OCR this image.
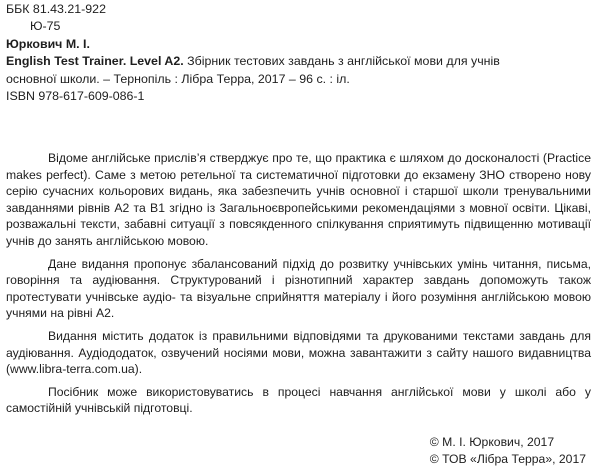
ББК 81.43.21-922
Ю-75
Юркович М. І.
English Test Trainer. Level A2. Збірник тестових завдань з англійської мови для учнів
основної школи. – Тернопіль : Лібра Терра, 2017 – 96 с. : іл.
ISBN 978-617-609-086-1

Відоме англійське прислів’я стверджує про те, що практика є шляхом до досконалості (Practice makes perfect). Саме з метою ретельної та систематичної підготовки до екзамену ЗНО створено нову серію сучасних кольорових видань, яка забезпечить учнів основної і старшої школи тренувальними завданнями рівнів А2 та В1 згідно із Загальноєвропейськими рекомендаціями з мовної освіти. Цікаві, розважальні тексти, забавні ситуації з повсякденного спілкування сприятимуть підвищенню мотивації учнів до занять англійською мовою.

Дане видання пропонує збалансований підхід до розвитку учнівських умінь читання, письма, говоріння та аудіювання. Структурований і різнотипний характер завдань допоможуть також протестувати учнівське аудіо- та візуальне сприйняття матеріалу і його розуміння англійською мовою учнями на рівні А2.

Видання містить додаток із правильними відповідями та друкованими текстами завдань для аудіювання. Аудіододаток, озвучений носіями мови, можна завантажити з сайту нашого видавництва (www.libra-terra.com.ua).

Посібник може використовуватись в процесі навчання англійської мови у школі або у самостійній учнівській підготовці.

© М. І. Юркович, 2017
© ТОВ «Лібра Терра», 2017
